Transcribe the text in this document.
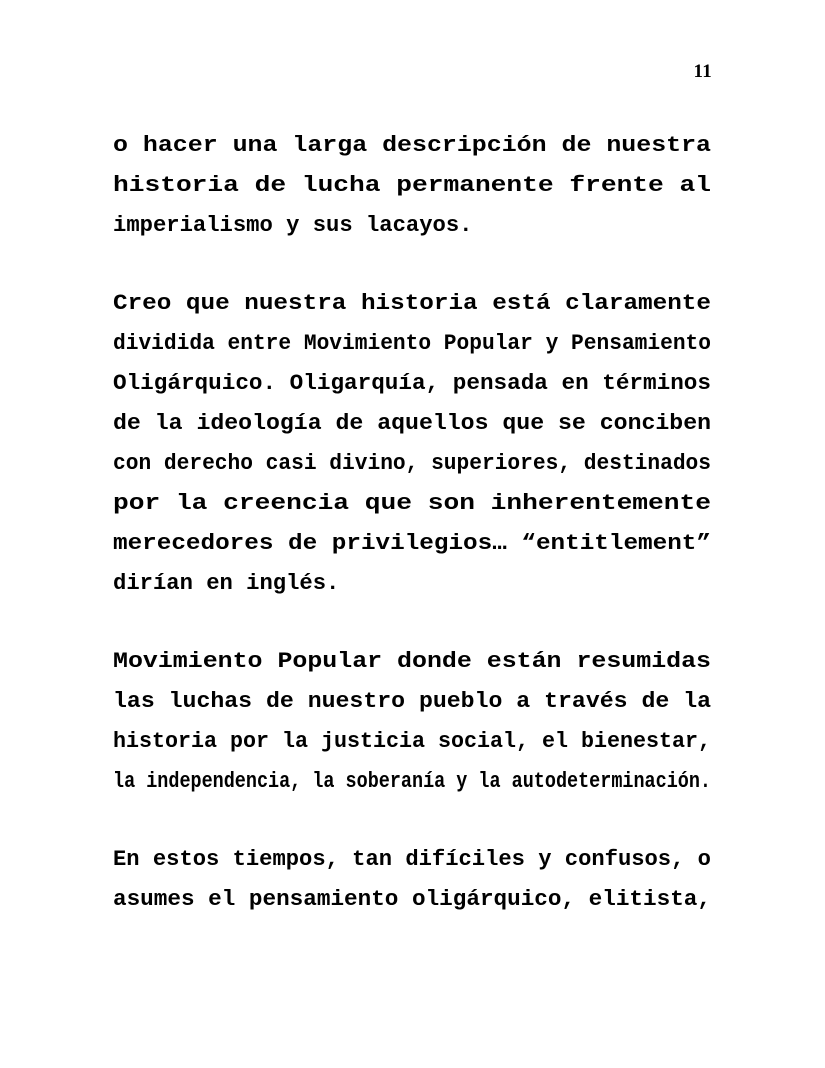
11

o hacer una larga descripción de nuestra
historia de lucha permanente frente al
imperialismo y sus lacayos.

Creo que nuestra historia está claramente
dividida entre Movimiento Popular y Pensamiento
Oligárquico. Oligarquía, pensada en términos
de la ideología de aquellos que se conciben
con derecho casi divino, superiores, destinados
por la creencia que son inherentemente
merecedores de privilegios… “entitlement”
dirían en inglés.

Movimiento Popular donde están resumidas
las luchas de nuestro pueblo a través de la
historia por la justicia social, el bienestar,
la independencia, la soberanía y la autodeterminación.

En estos tiempos, tan difíciles y confusos, o
asumes el pensamiento oligárquico, elitista,
